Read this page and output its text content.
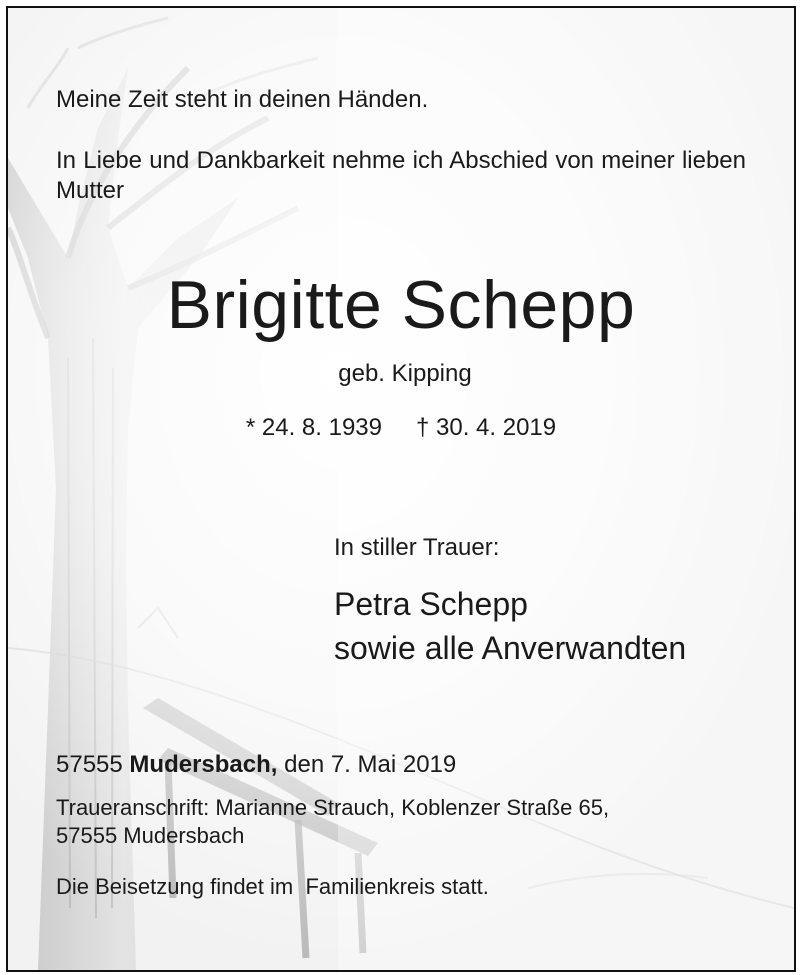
Meine Zeit steht in deinen Händen.

In Liebe und Dankbarkeit nehme ich Abschied von meiner lieben Mutter

Brigitte Schepp

geb. Kipping

* 24. 8. 1939 † 30. 4. 2019

In stiller Trauer:

Petra Schepp

sowie alle Anverwandten

57555 Mudersbach, den 7. Mai 2019

Traueranschrift: Marianne Strauch, Koblenzer Straße 65,
57555 Mudersbach

Die Beisetzung findet im  Familienkreis statt.
